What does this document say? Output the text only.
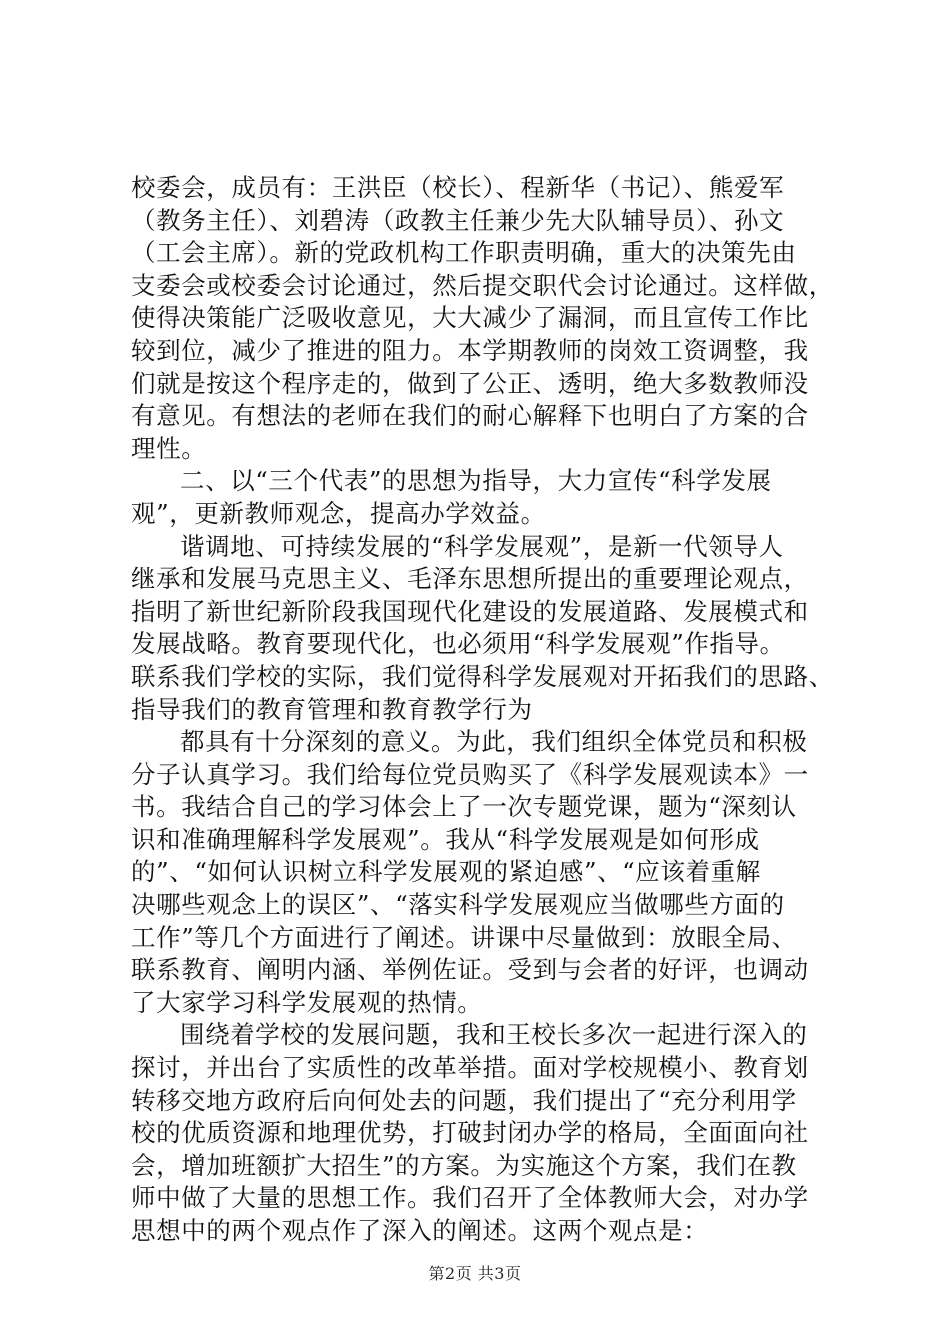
校委会，成员有：王洪臣（校长）、程新华（书记）、熊爱军
（教务主任）、刘碧涛（政教主任兼少先大队辅导员）、孙文
（工会主席）。新的党政机构工作职责明确，重大的决策先由
支委会或校委会讨论通过，然后提交职代会讨论通过。这样做，
使得决策能广泛吸收意见，大大减少了漏洞，而且宣传工作比
较到位，减少了推进的阻力。本学期教师的岗效工资调整，我
们就是按这个程序走的，做到了公正、透明，绝大多数教师没
有意见。有想法的老师在我们的耐心解释下也明白了方案的合
理性。
二、以“三个代表”的思想为指导，大力宣传“科学发展
观”，更新教师观念，提高办学效益。
谐调地、可持续发展的“科学发展观”，是新一代领导人
继承和发展马克思主义、毛泽东思想所提出的重要理论观点，
指明了新世纪新阶段我国现代化建设的发展道路、发展模式和
发展战略。教育要现代化，也必须用“科学发展观”作指导。
联系我们学校的实际，我们觉得科学发展观对开拓我们的思路、
指导我们的教育管理和教育教学行为
都具有十分深刻的意义。为此，我们组织全体党员和积极
分子认真学习。我们给每位党员购买了《科学发展观读本》一
书。我结合自己的学习体会上了一次专题党课，题为“深刻认
识和准确理解科学发展观”。我从“科学发展观是如何形成
的”、“如何认识树立科学发展观的紧迫感”、“应该着重解
决哪些观念上的误区”、“落实科学发展观应当做哪些方面的
工作”等几个方面进行了阐述。讲课中尽量做到：放眼全局、
联系教育、阐明内涵、举例佐证。受到与会者的好评，也调动
了大家学习科学发展观的热情。
围绕着学校的发展问题，我和王校长多次一起进行深入的
探讨，并出台了实质性的改革举措。面对学校规模小、教育划
转移交地方政府后向何处去的问题，我们提出了“充分利用学
校的优质资源和地理优势，打破封闭办学的格局，全面面向社
会，增加班额扩大招生”的方案。为实施这个方案，我们在教
师中做了大量的思想工作。我们召开了全体教师大会，对办学
思想中的两个观点作了深入的阐述。这两个观点是：
第2页 共3页
